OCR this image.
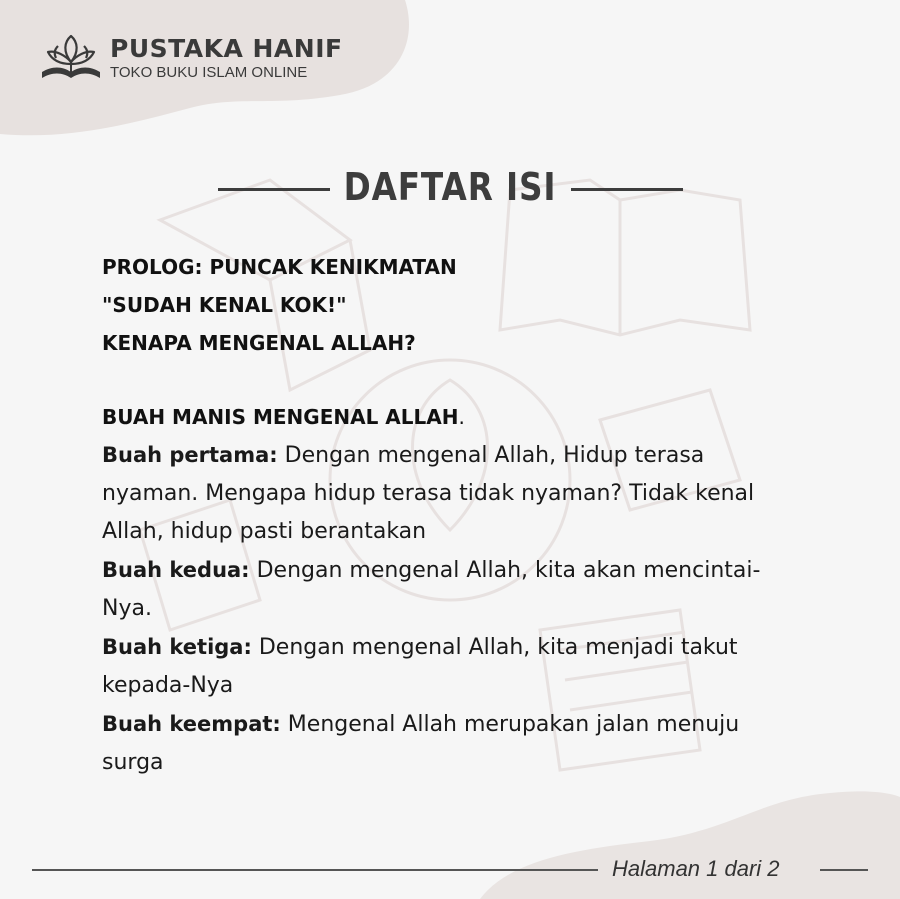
PUSTAKA HANIF
TOKO BUKU ISLAM ONLINE
DAFTAR ISI
PROLOG: PUNCAK KENIKMATAN
"SUDAH KENAL KOK!"
KENAPA MENGENAL ALLAH?
BUAH MANIS MENGENAL ALLAH.
Buah pertama: Dengan mengenal Allah, Hidup terasa
nyaman. Mengapa hidup terasa tidak nyaman? Tidak kenal
Allah, hidup pasti berantakan
Buah kedua: Dengan mengenal Allah, kita akan mencintai-
Nya.
Buah ketiga: Dengan mengenal Allah, kita menjadi takut
kepada-Nya
Buah keempat: Mengenal Allah merupakan jalan menuju
surga
Halaman 1 dari 2
